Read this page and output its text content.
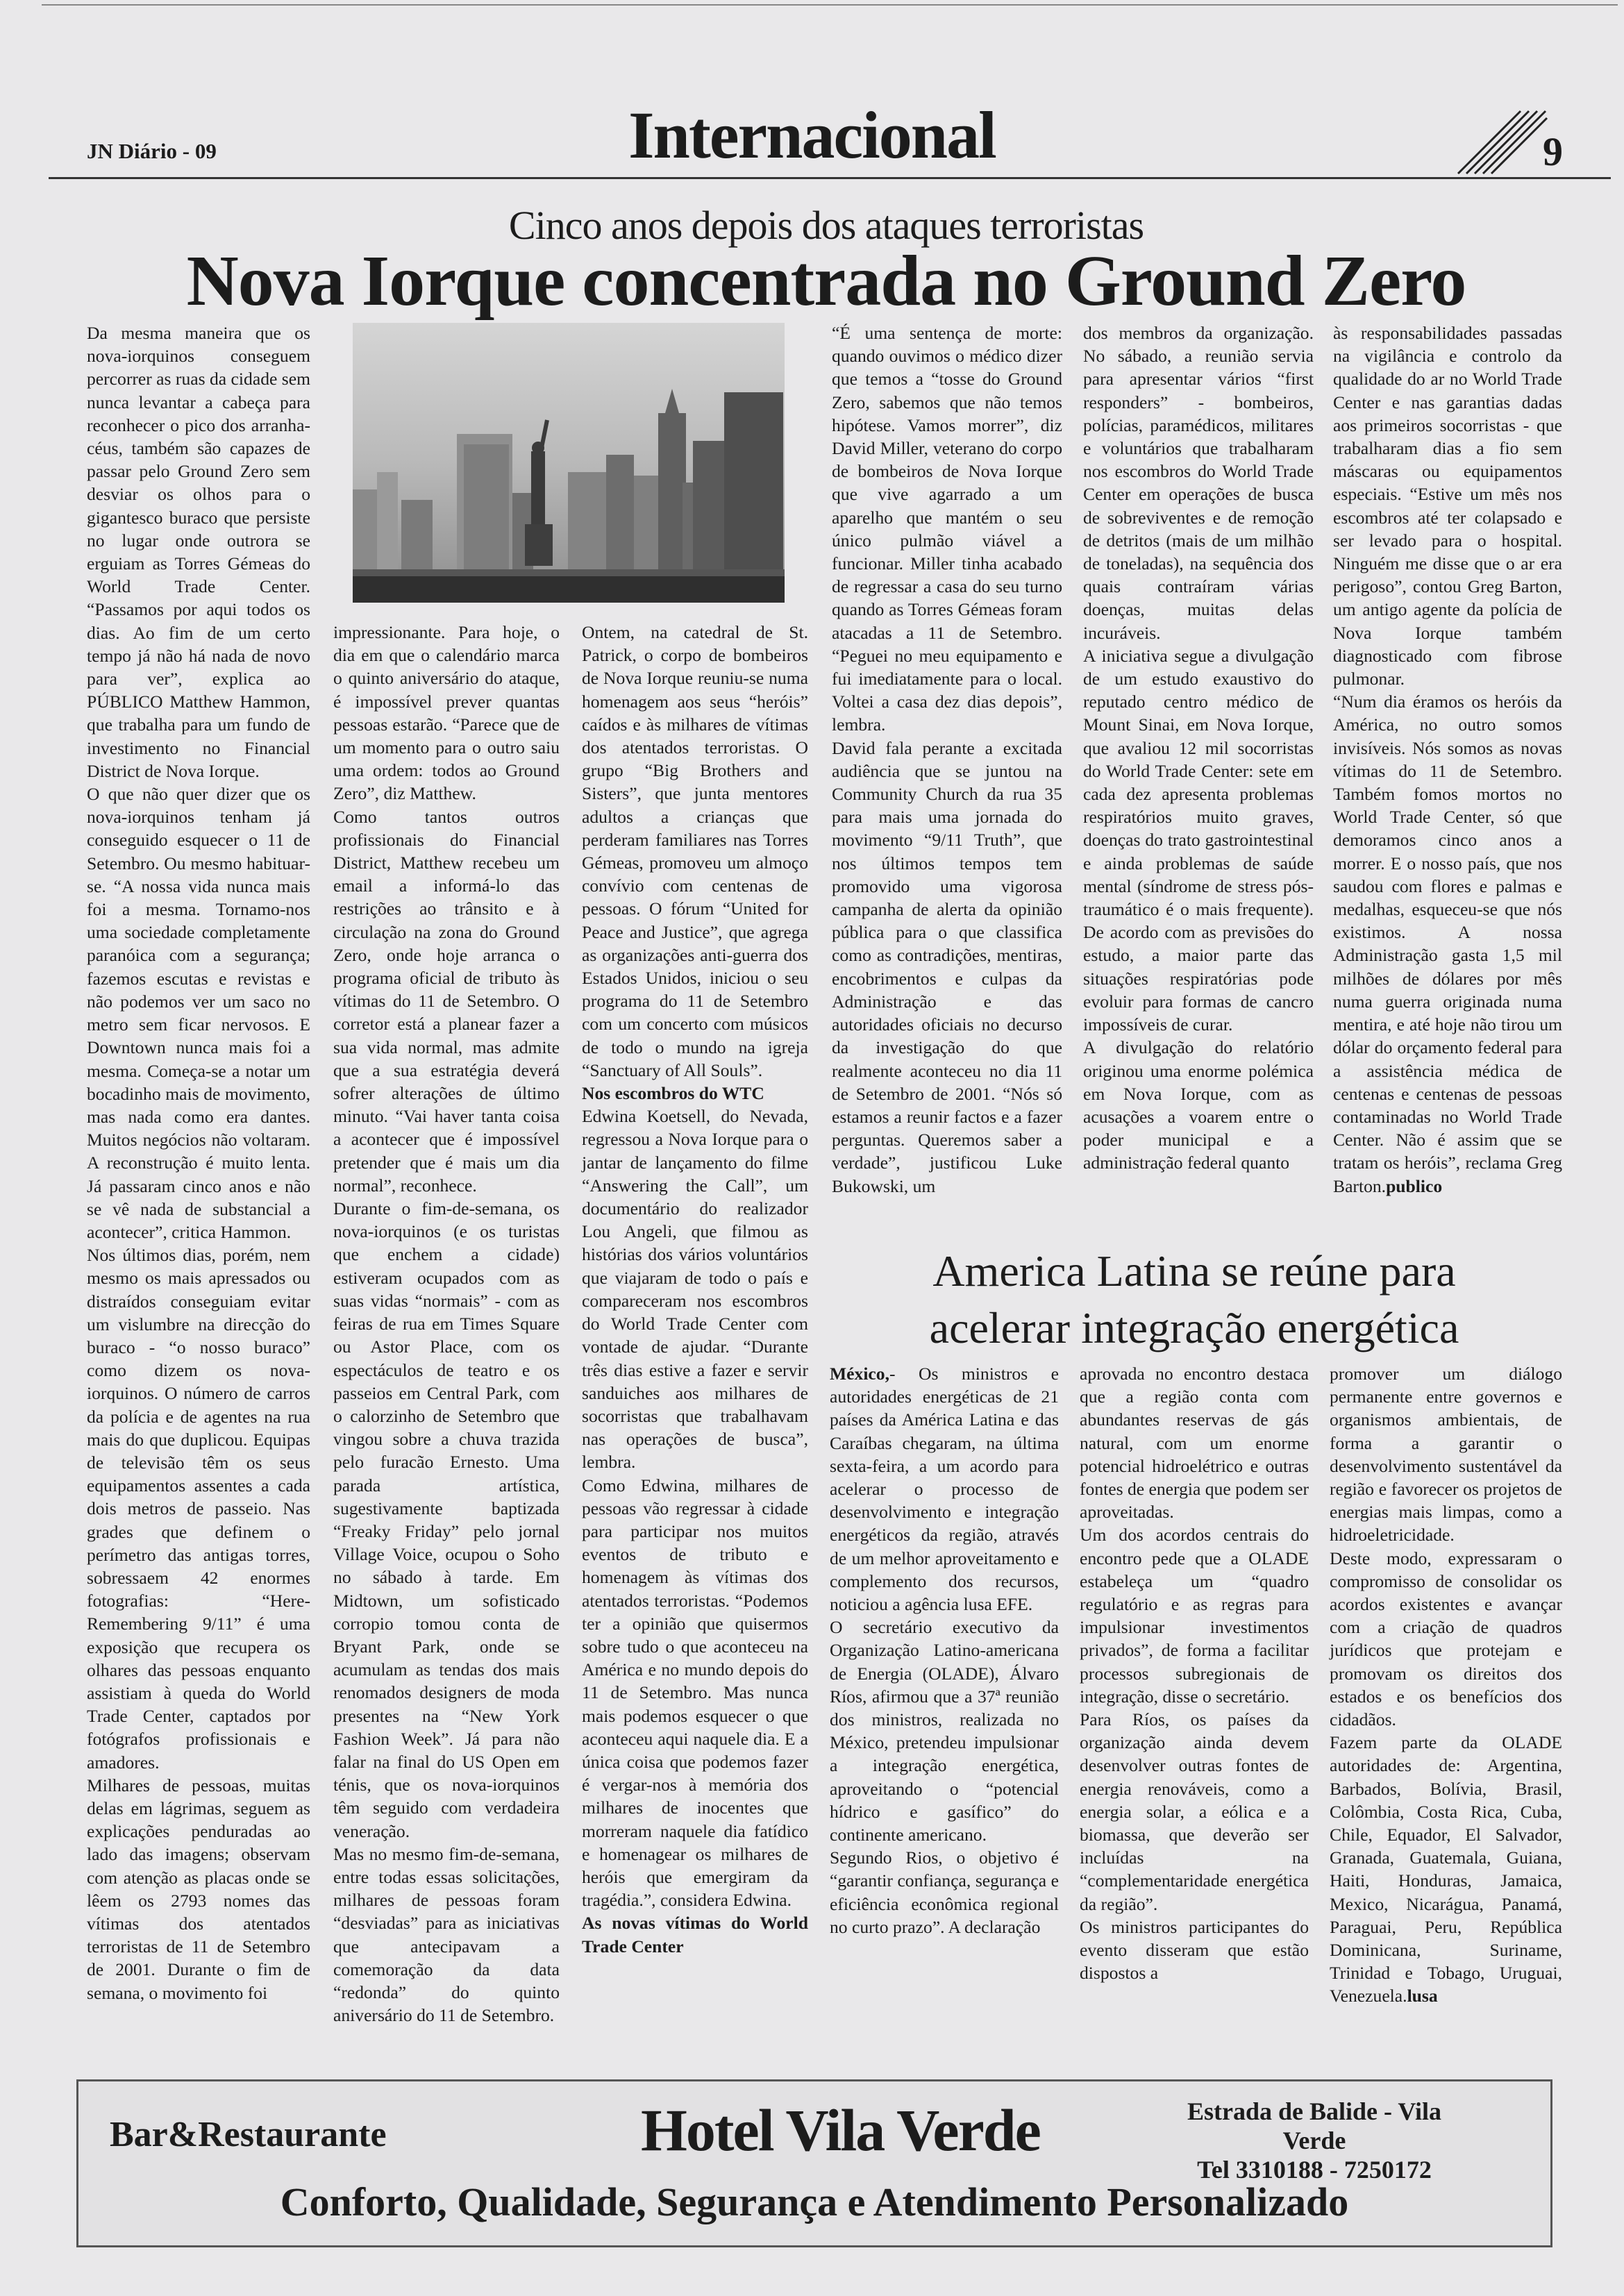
JN Diário - 09	Internacional	9
Cinco anos depois dos ataques terroristas
Nova Iorque concentrada no Ground Zero

Da mesma maneira que os nova-iorquinos conseguem percorrer as ruas da cidade sem nunca levantar a cabeça para reconhecer o pico dos arranha-céus, também são capazes de passar pelo Ground Zero sem desviar os olhos para o gigantesco buraco que persiste no lugar onde outrora se erguiam as Torres Gémeas do World Trade Center. “Passamos por aqui todos os dias. Ao fim de um certo tempo já não há nada de novo para ver”, explica ao PÚBLICO Matthew Hammon, que trabalha para um fundo de investimento no Financial District de Nova Iorque.

O que não quer dizer que os nova-iorquinos tenham já conseguido esquecer o 11 de Setembro. Ou mesmo habituar-se. “A nossa vida nunca mais foi a mesma. Tornamo-nos uma sociedade completamente paranóica com a segurança; fazemos escutas e revistas e não podemos ver um saco no metro sem ficar nervosos. E Downtown nunca mais foi a mesma. Começa-se a notar um bocadinho mais de movimento, mas nada como era dantes. Muitos negócios não voltaram. A reconstrução é muito lenta. Já passaram cinco anos e não se vê nada de substancial a acontecer”, critica Hammon.

Nos últimos dias, porém, nem mesmo os mais apressados ou distraídos conseguiam evitar um vislumbre na direcção do buraco - “o nosso buraco” como dizem os nova-iorquinos. O número de carros da polícia e de agentes na rua mais do que duplicou. Equipas de televisão têm os seus equipamentos assentes a cada dois metros de passeio. Nas grades que definem o perímetro das antigas torres, sobressaem 42 enormes fotografias: “Here-Remembering 9/11” é uma exposição que recupera os olhares das pessoas enquanto assistiam à queda do World Trade Center, captados por fotógrafos profissionais e amadores.

Milhares de pessoas, muitas delas em lágrimas, seguem as explicações penduradas ao lado das imagens; observam com atenção as placas onde se lêem os 2793 nomes das vítimas dos atentados terroristas de 11 de Setembro de 2001. Durante o fim de semana, o movimento foi

impressionante. Para hoje, o dia em que o calendário marca o quinto aniversário do ataque, é impossível prever quantas pessoas estarão. “Parece que de um momento para o outro saiu uma ordem: todos ao Ground Zero”, diz Matthew.

Como tantos outros profissionais do Financial District, Matthew recebeu um email a informá-lo das restrições ao trânsito e à circulação na zona do Ground Zero, onde hoje arranca o programa oficial de tributo às vítimas do 11 de Setembro. O corretor está a planear fazer a sua vida normal, mas admite que a sua estratégia deverá sofrer alterações de último minuto. “Vai haver tanta coisa a acontecer que é impossível pretender que é mais um dia normal”, reconhece.

Durante o fim-de-semana, os nova-iorquinos (e os turistas que enchem a cidade) estiveram ocupados com as suas vidas “normais” - com as feiras de rua em Times Square ou Astor Place, com os espectáculos de teatro e os passeios em Central Park, com o calorzinho de Setembro que vingou sobre a chuva trazida pelo furacão Ernesto. Uma parada artística, sugestivamente baptizada “Freaky Friday” pelo jornal Village Voice, ocupou o Soho no sábado à tarde. Em Midtown, um sofisticado corropio tomou conta de Bryant Park, onde se acumulam as tendas dos mais renomados designers de moda presentes na “New York Fashion Week”. Já para não falar na final do US Open em ténis, que os nova-iorquinos têm seguido com verdadeira veneração.

Mas no mesmo fim-de-semana, entre todas essas solicitações, milhares de pessoas foram “desviadas” para as iniciativas que antecipavam a comemoração da data “redonda” do quinto aniversário do 11 de Setembro.

Ontem, na catedral de St. Patrick, o corpo de bombeiros de Nova Iorque reuniu-se numa homenagem aos seus “heróis” caídos e às milhares de vítimas dos atentados terroristas. O grupo “Big Brothers and Sisters”, que junta mentores adultos a crianças que perderam familiares nas Torres Gémeas, promoveu um almoço convívio com centenas de pessoas. O fórum “United for Peace and Justice”, que agrega as organizações anti-guerra dos Estados Unidos, iniciou o seu programa do 11 de Setembro com um concerto com músicos de todo o mundo na igreja “Sanctuary of All Souls”.

Nos escombros do WTC

Edwina Koetsell, do Nevada, regressou a Nova Iorque para o jantar de lançamento do filme “Answering the Call”, um documentário do realizador Lou Angeli, que filmou as histórias dos vários voluntários que viajaram de todo o país e compareceram nos escombros do World Trade Center com vontade de ajudar. “Durante três dias estive a fazer e servir sanduiches aos milhares de socorristas que trabalhavam nas operações de busca”, lembra.

Como Edwina, milhares de pessoas vão regressar à cidade para participar nos muitos eventos de tributo e homenagem às vítimas dos atentados terroristas. “Podemos ter a opinião que quisermos sobre tudo o que aconteceu na América e no mundo depois do 11 de Setembro. Mas nunca mais podemos esquecer o que aconteceu aqui naquele dia. E a única coisa que podemos fazer é vergar-nos à memória dos milhares de inocentes que morreram naquele dia fatídico e homenagear os milhares de heróis que emergiram da tragédia.”, considera Edwina.

As novas vítimas do World Trade Center

“É uma sentença de morte: quando ouvimos o médico dizer que temos a “tosse do Ground Zero, sabemos que não temos hipótese. Vamos morrer”, diz David Miller, veterano do corpo de bombeiros de Nova Iorque que vive agarrado a um aparelho que mantém o seu único pulmão viável a funcionar. Miller tinha acabado de regressar a casa do seu turno quando as Torres Gémeas foram atacadas a 11 de Setembro. “Peguei no meu equipamento e fui imediatamente para o local. Voltei a casa dez dias depois”, lembra.

David fala perante a excitada audiência que se juntou na Community Church da rua 35 para mais uma jornada do movimento “9/11 Truth”, que nos últimos tempos tem promovido uma vigorosa campanha de alerta da opinião pública para o que classifica como as contradições, mentiras, encobrimentos e culpas da Administração e das autoridades oficiais no decurso da investigação do que realmente aconteceu no dia 11 de Setembro de 2001. “Nós só estamos a reunir factos e a fazer perguntas. Queremos saber a verdade”, justificou Luke Bukowski, um

dos membros da organização. No sábado, a reunião servia para apresentar vários “first responders” - bombeiros, polícias, paramédicos, militares e voluntários que trabalharam nos escombros do World Trade Center em operações de busca de sobreviventes e de remoção de detritos (mais de um milhão de toneladas), na sequência dos quais contraíram várias doenças, muitas delas incuráveis.

A iniciativa segue a divulgação de um estudo exaustivo do reputado centro médico de Mount Sinai, em Nova Iorque, que avaliou 12 mil socorristas do World Trade Center: sete em cada dez apresenta problemas respiratórios muito graves, doenças do trato gastrointestinal e ainda problemas de saúde mental (síndrome de stress pós-traumático é o mais frequente). De acordo com as previsões do estudo, a maior parte das situações respiratórias pode evoluir para formas de cancro impossíveis de curar.

A divulgação do relatório originou uma enorme polémica em Nova Iorque, com as acusações a voarem entre o poder municipal e a administração federal quanto

às responsabilidades passadas na vigilância e controlo da qualidade do ar no World Trade Center e nas garantias dadas aos primeiros socorristas - que trabalharam dias a fio sem máscaras ou equipamentos especiais. “Estive um mês nos escombros até ter colapsado e ser levado para o hospital. Ninguém me disse que o ar era perigoso”, contou Greg Barton, um antigo agente da polícia de Nova Iorque também diagnosticado com fibrose pulmonar.

“Num dia éramos os heróis da América, no outro somos invisíveis. Nós somos as novas vítimas do 11 de Setembro. Também fomos mortos no World Trade Center, só que demoramos cinco anos a morrer. E o nosso país, que nos saudou com flores e palmas e medalhas, esqueceu-se que nós existimos. A nossa Administração gasta 1,5 mil milhões de dólares por mês numa guerra originada numa mentira, e até hoje não tirou um dólar do orçamento federal para a assistência médica de centenas e centenas de pessoas contaminadas no World Trade Center. Não é assim que se tratam os heróis”, reclama Greg Barton.publico

America Latina se reúne para
acelerar integração energética

México,- Os ministros e autoridades energéticas de 21 países da América Latina e das Caraíbas chegaram, na última sexta-feira, a um acordo para acelerar o processo de desenvolvimento e integração energéticos da região, através de um melhor aproveitamento e complemento dos recursos, noticiou a agência lusa EFE.

O secretário executivo da Organização Latino-americana de Energia (OLADE), Álvaro Ríos, afirmou que a 37ª reunião dos ministros, realizada no México, pretendeu impulsionar a integração energética, aproveitando o “potencial hídrico e gasífico” do continente americano.

Segundo Rios, o objetivo é “garantir confiança, segurança e eficiência econômica regional no curto prazo”. A declaração

aprovada no encontro destaca que a região conta com abundantes reservas de gás natural, com um enorme potencial hidroelétrico e outras fontes de energia que podem ser aproveitadas.

Um dos acordos centrais do encontro pede que a OLADE estabeleça um “quadro regulatório e as regras para impulsionar investimentos privados”, de forma a facilitar processos subregionais de integração, disse o secretário.

Para Ríos, os países da organização ainda devem desenvolver outras fontes de energia renováveis, como a energia solar, a eólica e a biomassa, que deverão ser incluídas na “complementaridade energética da região”.

Os ministros participantes do evento disseram que estão dispostos a

promover um diálogo permanente entre governos e organismos ambientais, de forma a garantir o desenvolvimento sustentável da região e favorecer os projetos de energias mais limpas, como a hidroeletricidade.

Deste modo, expressaram o compromisso de consolidar os acordos existentes e avançar com a criação de quadros jurídicos que protejam e promovam os direitos dos estados e os benefícios dos cidadãos.

Fazem parte da OLADE autoridades de: Argentina, Barbados, Bolívia, Brasil, Colômbia, Costa Rica, Cuba, Chile, Equador, El Salvador, Granada, Guatemala, Guiana, Haiti, Honduras, Jamaica, Mexico, Nicarágua, Panamá, Paraguai, Peru, República Dominicana, Suriname, Trinidad e Tobago, Uruguai, Venezuela.lusa

Bar&Restaurante	Hotel Vila Verde	Estrada de Balide - Vila Verde
Tel 3310188 - 7250172
Conforto, Qualidade, Segurança e Atendimento Personalizado
